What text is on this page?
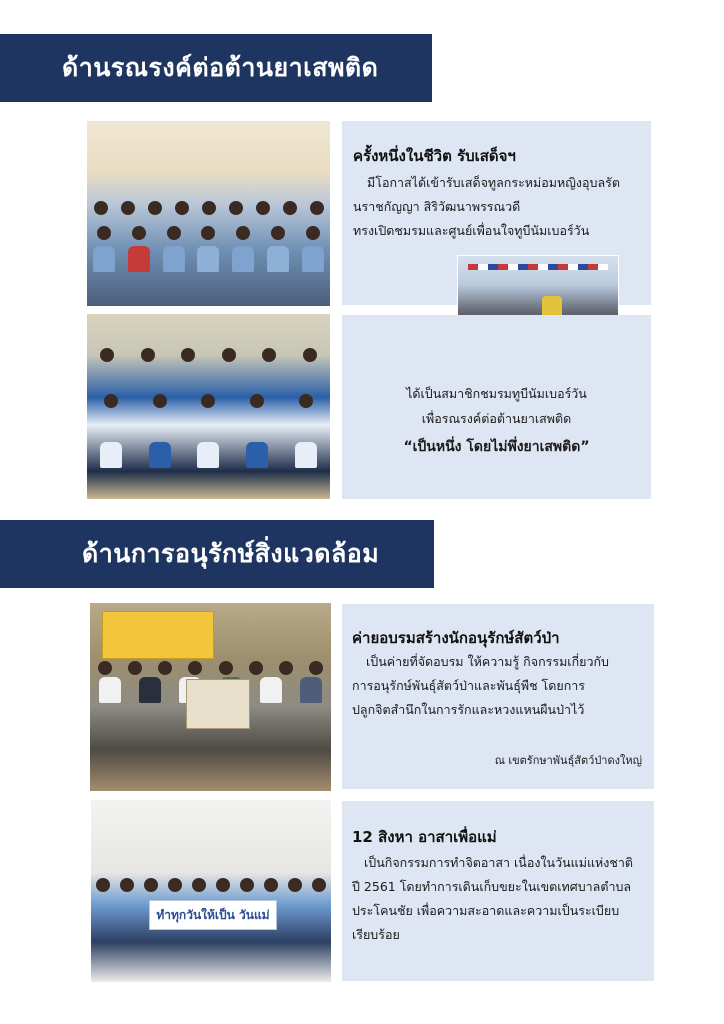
ด้านรณรงค์ต่อต้านยาเสพติด
ครั้งหนึ่งในชีวิต รับเสด็จฯ
มีโอกาสได้เข้ารับเสด็จทูลกระหม่อมหญิงอุบลรัต
นราชกัญญา สิริวัฒนาพรรณวดี
ทรงเปิดชมรมและศูนย์เพื่อนใจทูบีนัมเบอร์วัน
ได้เป็นสมาชิกชมรมทูบีนัมเบอร์วัน
เพื่อรณรงค์ต่อต้านยาเสพติด
“เป็นหนึ่ง โดยไม่พึ่งยาเสพติด”
ด้านการอนุรักษ์สิ่งแวดล้อม
ค่ายอบรมสร้างนักอนุรักษ์สัตว์ป่า
เป็นค่ายที่จัดอบรม ให้ความรู้ กิจกรรมเกี่ยวกับ
การอนุรักษ์พันธุ์สัตว์ป่าและพันธุ์พืช โดยการ
ปลูกจิตสำนึกในการรักและหวงแหนผืนป่าไว้
ณ เขตรักษาพันธุ์สัตว์ป่าดงใหญ่
ทำทุกวันให้เป็น วันแม่
12 สิงหา อาสาเพื่อแม่
เป็นกิจกรรมการทำจิตอาสา เนื่องในวันแม่แห่งชาติ
ปี 2561 โดยทำการเดินเก็บขยะในเขตเทศบาลตำบล
ประโคนชัย เพื่อความสะอาดและความเป็นระเบียบ
เรียบร้อย
